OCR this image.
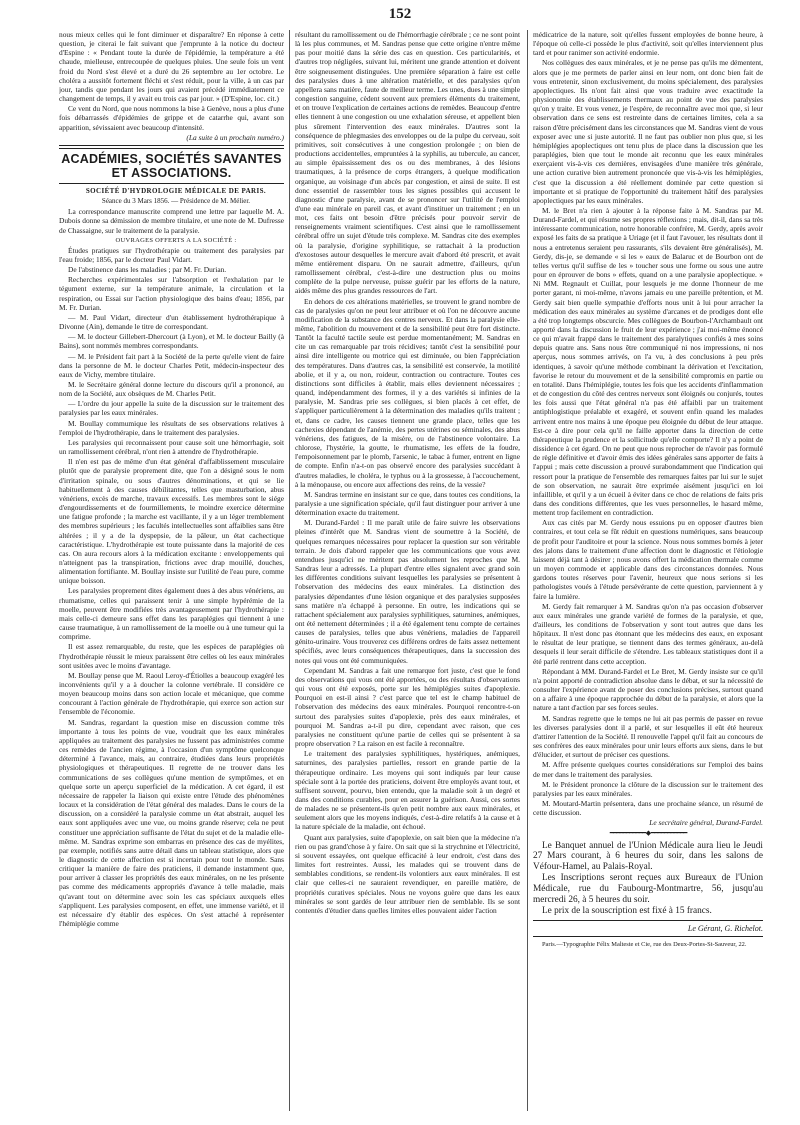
152

nous mieux celles qui le font diminuer et disparaître? En réponse à cette question, je citerai le fait suivant que j'emprunte à la notice du docteur d'Espine : « Pendant toute la durée de l'épidémie, la température a été chaude, mielleuse, entrecoupée de quelques pluies. Une seule fois un vent froid du Nord s'est élevé et a duré du 26 septembre au 1er octobre. Le choléra a aussitôt fortement fléchi et s'est réduit, pour la ville, à un cas par jour, tandis que pendant les jours qui avaient précédé immédiatement ce changement de temps, il y avait eu trois cas par jour. » (D'Espine, loc. cit.)

Ce vent du Nord, que nous nommons la bise à Genève, nous a plus d'une fois débarrassés d'épidémies de grippe et de catarrhe qui, avant son apparition, sévissaient avec beaucoup d'intensité.

(La suite à un prochain numéro.)

ACADÉMIES, SOCIÉTÉS SAVANTES ET ASSOCIATIONS.

SOCIÉTÉ D'HYDROLOGIE MÉDICALE DE PARIS.

Séance du 3 Mars 1856. — Présidence de M. Mélier.

La correspondance manuscrite comprend une lettre par laquelle M. A. Dubois donne sa démission de membre titulaire, et une note de M. Dufresse de Chassaigne, sur le traitement de la paralysie.

OUVRAGES OFFERTS A LA SOCIÉTÉ :

Études pratiques sur l'hydrothérapie ou traitement des paralysies par l'eau froide; 1856, par le docteur Paul Vidart.

De l'abstinence dans les maladies ; par M. Fr. Durian.

Recherches expérimentales sur l'absorption et l'exhalation par le tégument externe, sur la température animale, la circulation et la respiration, ou Essai sur l'action physiologique des bains d'eau; 1856, par M. Fr. Durian.

— M. Paul Vidart, directeur d'un établissement hydrothérapique à Divonne (Ain), demande le titre de correspondant.

— M. le docteur Gillebert-Dhercourt (à Lyon), et M. le docteur Bailly (à Bains), sont nommés membres correspondants.

— M. le Président fait part à la Société de la perte qu'elle vient de faire dans la personne de M. le docteur Charles Petit, médecin-inspecteur des eaux de Vichy, membre titulaire.

M. le Secrétaire général donne lecture du discours qu'il a prononcé, au nom de la Société, aux obsèques de M. Charles Petit.

— L'ordre du jour appelle la suite de la discussion sur le traitement des paralysies par les eaux minérales.

M. Boullay commumique les résultats de ses observations relatives à l'emploi de l'hydrothérapie, dans le traitement des paralysies.

Les paralysies qui reconnaissent pour cause soit une hémorrhagie, soit un ramollissement cérébral, n'ont rien à attendre de l'hydrothérapie.

Il n'en est pas de même d'un état général d'affaiblissement musculaire plutôt que de paralysie proprement dite, que l'on a désigné sous le nom d'irritation spinale, ou sous d'autres dénominations, et qui se lie habituellement à des causes débilitantes, telles que masturbation, abus vénériens, excès de marche, travaux excessifs. Les membres sont le siége d'engourdissements et de fourmillements, le moindre exercice détermine une fatigue profonde ; la marche est vacillante, il y a un léger tremblement des membres supérieurs ; les facultés intellectuelles sont affaiblies sans être altérées ; il y a de la dyspepsie, de la pâleur, un état cachectique caractéristique. L'hydrothérapie est toute puissante dans la majorité de ces cas. On aura recours alors à la médication excitante : enveloppements qui n'atteignent pas la transpiration, frictions avec drap mouillé, douches, alimentation fortifiante. M. Boullay insiste sur l'utilité de l'eau pure, comme unique boisson.

Les paralysies proprement dites également dues à des abus vénériens, au rhumatisme, celles qui paraissent tenir à une simple hypérémie de la moelle, peuvent être modifiées très avantageusement par l'hydrothérapie : mais celle-ci demeure sans effet dans les paraplégies qui tiennent à une cause traumatique, à un ramollissement de la moelle ou à une tumeur qui la comprime.

Il est assez remarquable, du reste, que les espèces de paraplégies où l'hydrothérapie réussit le mieux paraissent être celles où les eaux minérales sont usitées avec le moins d'avantage.

M. Boullay pense que M. Raoul Leroy-d'Étiolles a beaucoup exagéré les inconvénients qu'il y a à doucher la colonne vertébrale. Il considère ce moyen beaucoup moins dans son action locale et mécanique, que comme concourant à l'action générale de l'hydrothérapie, qui exerce son action sur l'ensemble de l'économie.

M. Sandras, regardant la question mise en discussion comme très importante à tous les points de vue, voudrait que les eaux minérales appliquées au traitement des paralysies ne fussent pas administrées comme ces remèdes de l'ancien régime, à l'occasion d'un symptôme quelconque déterminé à l'avance, mais, au contraire, étudiées dans leurs propriétés physiologiques et thérapeutiques. Il regrette de ne trouver dans les communications de ses collègues qu'une mention de symptômes, et en quelque sorte un aperçu superficiel de la médication. A cet égard, il est nécessaire de rappeler la liaison qui existe entre l'étude des phénomènes locaux et la considération de l'état général des malades. Dans le cours de la discussion, on a considéré la paralysie comme un état abstrait, auquel les eaux sont appliquées avec une vue, ou moins grande réserve; cela ne peut constituer une appréciation suffisante de l'état du sujet et de la maladie elle-même. M. Sandras exprime son embarras en présence des cas de myélites, par exemple, notifiés sans autre détail dans un tableau statistique, alors que le diagnostic de cette affection est si incertain pour tout le monde. Sans critiquer la manière de faire des praticiens, il demande instamment que, pour arriver à classer les propriétés des eaux minérales, on ne les présente pas comme des médicaments appropriés d'avance à telle maladie, mais qu'avant tout on détermine avec soin les cas spéciaux auxquels elles s'appliquent. Les paralysies composent, en effet, une immense variété, et il est nécessaire d'y établir des espèces. On s'est attaché à représenter l'hémiplégie comme

résultant du ramollissement ou de l'hémorrhagie cérébrale ; ce ne sont point là les plus communes, et M. Sandras pense que cette origine n'entre même pas pour moitié dans la série des cas en question. Ces particularités, et d'autres trop négligées, suivant lui, méritent une grande attention et doivent être soigneusement distinguées. Une première séparation à faire est celle des paralysies dues à une altération matérielle, et des paralysies qu'on appellera sans matière, faute de meilleur terme. Les unes, dues à une simple congestion sanguine, cèdent souvent aux premiers éléments du traitement, et on trouve l'explication de certaines actions de remèdes. Beaucoup d'entre elles tiennent à une congestion ou une exhalation séreuse, et appellent bien plus sûrement l'intervention des eaux minérales. D'autres sont la conséquence de phlegmasies des enveloppes ou de la pulpe du cerveau, soit primitives, soit consécutives à une congestion prolongée ; on bien de productions accidentelles, empruntées à la syphilis, au tubercule, au cancer, au simple épaississement des os ou des membranes, à des lésions traumatiques, à la présence de corps étrangers, à quelque modification organique, au voisinage d'un abcès par congestion, et ainsi de suite. Il est donc essentiel de rassembler tous les signes possibles qui accusent le diagnostic d'une paralysie, avant de se prononcer sur l'utilité de l'emploi d'une eau minérale en pareil cas, et avant d'instituer un traitement ; en un mot, ces faits ont besoin d'être précisés pour pouvoir servir de renseignements vraiment scientifiques. C'est ainsi que le ramollissement cérébral offre un sujet d'étude très complexe. M. Sandras cite des exemples où la paralysie, d'origine syphilitique, se rattachait à la production d'exostoses autour desquelles le mercure avait d'abord été prescrit, et avait même entièrement disparu. On ne saurait admettre, d'ailleurs, qu'un ramollissement cérébral, c'est-à-dire une destruction plus ou moins complète de la pulpe nerveuse, puisse guérir par les efforts de la nature, aidés même des plus grandes ressources de l'art.

En dehors de ces altérations matérielles, se trouvent le grand nombre de cas de paralysies qu'on ne peut leur attribuer et où l'on ne découvre aucune modification de la substance des centres nerveux. Et dans la paralysie elle-même, l'abolition du mouvement et de la sensibilité peut être fort distincte. Tantôt la faculté tactile seule est perdue momentanément; M. Sandras en cite un cas remarquable par trois récidives; tantôt c'est la sensibilité pour ainsi dire intelligente ou motrice qui est diminuée, ou bien l'appréciation des températures. Dans d'autres cas, la sensibilité est conservée, la motilité abolie, et il y a, ou non, roideur, contraction ou contracture. Toutes ces distinctions sont difficiles à établir, mais elles deviennent nécessaires ; quand, indépendamment des formes, il y a des variétés si infinies de la paralysie, M. Sandras prie ses collègues, si bien placés à cet effet, de s'appliquer particulièrement à la détermination des maladies qu'ils traitent ; et, dans ce cadre, les causes tiennent une grande place, telles que les cachexies dépendant de l'anémie, des pertes utérines ou séminales, des abus vénériens, des fatigues, de la misère, ou de l'abstinence volontaire. La chlorose, l'hystérie, la goutte, le rhumatisme, les effets de la foudre, l'empoisonnement par le plomb, l'arsenic, le tabac à fumer, entrent en ligne de compte. Enfin n'a-t-on pas observé encore des paralysies succédant à d'autres maladies, le choléra, le typhus ou à la grossesse, à l'accouchement, à la ménopause, ou encore aux affections des reins, de la vessie?

M. Sandras termine en insistant sur ce que, dans toutes ces conditions, la paralysie a une signification spéciale, qu'il faut distinguer pour arriver à une détermination exacte du traitement.

M. Durand-Fardel : Il me paraît utile de faire suivre les observations pleines d'intérêt que M. Sandras vient de soumettre à la Société, de quelques remarques nécessaires pour replacer la question sur son véritable terrain. Je dois d'abord rappeler que les communications que vous avez entendues jusqu'ici ne méritent pas absolument les reproches que M. Sandras leur a adressés. La plupart d'entre elles signalent avec grand soin les différentes conditions suivant lesquelles les paralysies se présentent à l'observation des médecins des eaux minérales. La distinction des paralysies dépendantes d'une lésion organique et des paralysies supposées sans matière n'a échappé à personne. En outre, les indications qui se rattachent spécialement aux paralysies syphilitiques, saturnines, anémiques, ont été nettement déterminées ; il a été également tenu compte de certaines causes de paralysies, telles que abus vénériens, maladies de l'appareil génito-urinaire. Vous trouverez ces différens ordres de faits assez nettement spécifiés, avec leurs conséquences thérapeutiques, dans la succession des notes qui vous ont été communiquées.

Cependant M. Sandras a fait une remarque fort juste, c'est que le fond des observations qui vous ont été apportées, ou des résultats d'observations qui vous ont été exposés, porte sur les hémiplégies suites d'apoplexie. Pourquoi en est-il ainsi ? c'est parce que tel est le champ habituel de l'observation des médecins des eaux minérales. Pourquoi rencontre-t-on surtout des paralysies suites d'apoplexie, près des eaux minérales, et pourquoi M. Sandras a-t-il pu dire, cependant avec raison, que ces paralysies ne constituent qu'une partie de celles qui se présentent à sa propre observation ? La raison en est facile à reconnaître.

Le traitement des paralysies syphilitiques, hystériques, anémiques, saturnines, des paralysies partielles, ressort en grande partie de la thérapeutique ordinaire. Les moyens qui sont indiqués par leur cause spéciale sont à la portée des praticiens, doivent être employés avant tout, et suffisent souvent, pourvu, bien entendu, que la maladie soit à un degré et dans des conditions curables, pour en assurer la guérison. Aussi, ces sortes de malades ne se présentent-ils qu'en petit nombre aux eaux minérales, et seulement alors que les moyens indiqués, c'est-à-dire relatifs à la cause et à la nature spéciale de la maladie, ont échoué.

Quant aux paralysies, suite d'apoplexie, on sait bien que la médecine n'a rien ou pas grand'chose à y faire. On sait que si la strychnine et l'électricité, si souvent essayées, ont quelque efficacité à leur endroit, c'est dans des limites fort restreintes. Aussi, les malades qui se trouvent dans de semblables conditions, se rendent-ils volontiers aux eaux minérales. Il est clair que celles-ci ne sauraient revendiquer, en pareille matière, de propriétés curatives spéciales. Nous ne voyons guère que dans les eaux minérales se sont gardés de leur attribuer rien de semblable. Ils se sont contentés d'étudier dans quelles limites elles pouvaient aider l'action

médicatrice de la nature, soit qu'elles fussent employées de bonne heure, à l'époque où celle-ci possède le plus d'activité, soit qu'elles interviennent plus tard et pour ranimer son activité endormie.

Nos collègues des eaux minérales, et je ne pense pas qu'ils me démentent, alors que je me permets de parler ainsi en leur nom, ont donc bien fait de vous entretenir, sinon exclusivement, du moins spécialement, des paralysies apoplectiques. Ils n'ont fait ainsi que vous traduire avec exactitude la physionomie des établissements thermaux au point de vue des paralysies qu'on y traite. Et vous venez, je l'espère, de reconnaître avec moi que, si leur observation dans ce sens est restreinte dans de certaines limites, cela a sa raison d'être précisément dans les circonstances que M. Sandras vient de vous exposer avec une si juste autorité. Il ne faut pas oublier non plus que, si les hémiplégies apoplectiques ont tenu plus de place dans la discussion que les paraplégies, bien que tout le monde ait reconnu que les eaux minérales exerçaient vis-à-vis ces dernières, envisagées d'une manière très générale, une action curative bien autrement prononcée que vis-à-vis les hémiplégies, c'est que la discussion a été réellement dominée par cette question si importante et si pratique de l'opportunité du traitement hâtif des paralysies apoplectiques par les eaux minérales.

M. le Bret n'a rien à ajouter à la réponse faite à M. Sandras par M. Durand-Fardel, et qui résume ses propres réflexions ; mais, dit-il, dans sa très intéressante communication, notre honorable confrère, M. Gerdy, après avoir exposé les faits de sa pratique à Uriage (et il faut l'avouer, les résultats dont il nous a entretenus seraient peu rassurants, s'ils devaient être généralisés), M. Gerdy, dis-je, se demande « si les » eaux de Balaruc et de Bourbon ont de telles vertus qu'il suffise de les » toucher sous une forme ou sous une autre pour en éprouver de bons » effets, quand on a une paralysie apoplectique. » Ni MM. Regnault et Cuillat, pour lesquels je me donne l'honneur de me porter garant, ni moi-même, n'avons jamais eu une pareille prétention, et M. Gerdy sait bien quelle sympathie d'efforts nous unit à lui pour arracher la médication des eaux minérales au système d'arcanes et de prodiges dont elle a été trop longtemps obscurcie. Mes collègues de Bourbon-l'Archambault ont apporté dans la discussion le fruit de leur expérience ; j'ai moi-même énoncé ce qui m'avait frappé dans le traitement des paralytiques confiés à mes soins depuis quatre ans. Sans nous être communiqué ni nos impressions, ni nos aperçus, nous sommes arrivés, on l'a vu, à des conclusions à peu près identiques, à savoir qu'une méthode combinant la dérivation et l'excitation, favorise le retour du mouvement et de la sensibilité compromis en partie ou en totalité. Dans l'hémiplégie, toutes les fois que les accidents d'inflammation et de congestion du côté des centres nerveux sont éloignés ou conjurés, toutes les fois aussi que l'état général n'a pas été affaibli par un traitement antiphlogistique préalable et exagéré, et souvent enfin quand les malades arrivent entre nos mains à une époque peu éloignée du début de leur attaque. Est-ce à dire pour cela qu'il ne faille apporter dans la direction de cette thérapeutique la prudence et la sollicitude qu'elle comporte? Il n'y a point de dissidence à cet égard. On ne peut que nous reprocher de n'avoir pas formulé de règle définitive et d'avoir émis des idées générales sans apporter de faits à l'appui ; mais cette discussion a prouvé surabondamment que l'indication qui ressort pour la pratique de l'ensemble des remarques faites par lui sur le sujet de son observation, ne saurait être exprimée aisément jusqu'ici en loi infaillible, et qu'il y a un écueil à éviter dans ce choc de relations de faits pris dans des conditions différentes, que les vues personnelles, le hasard même, mettent trop facilement en contradiction.

Aux cas cités par M. Gerdy nous essuions pu en opposer d'autres bien contraires, et tout cela se fût réduit en questions numériques, sans beaucoup de profit pour l'auditoire et pour la science. Nous nous sommes bornés à jeter des jalons dans le traitement d'une affection dont le diagnostic et l'étiologie laissent déjà tant à désirer ; nous avons offert la médication thermale comme un moyen commode et applicable dans des circonstances données. Nous gardons toutes réserves pour l'avenir, heureux que nous serions si les pathologistes voués à l'étude persévérante de cette question, parviennent à y faire la lumière.

M. Gerdy fait remarquer à M. Sandras qu'on n'a pas occasion d'observer aux eaux minérales une grande variété de formes de la paralysie, et que, d'ailleurs, les conditions de l'observation y sont tout autres que dans les hôpitaux. Il n'est donc pas étonnant que les médecins des eaux, en exposant le résultat de leur pratique, se tiennent dans des termes généraux, au-delà desquels il leur serait difficile de s'étendre. Les tableaux statistiques dont il a été parlé rentrent dans cette acception.

Répondant à MM. Durand-Fardel et Le Bret, M. Gerdy insiste sur ce qu'il n'a point apporté de contradiction absolue dans le débat, et sur la nécessité de consulter l'expérience avant de poser des conclusions précises, surtout quand on a affaire à une époque rapprochée du début de la paralysie, et alors que la nature a tant d'action par ses forces seules.

M. Sandras regrette que le temps ne lui ait pas permis de passer en revue les diverses paralysies dont il a parlé, et sur lesquelles il eût été heureux d'attirer l'attention de la Société. Il renouvelle l'appel qu'il fait au concours de ses confrères des eaux minérales pour unir leurs efforts aux siens, dans le but d'élucider, et surtout de préciser ces questions.

M. Affre présente quelques courtes considérations sur l'emploi des bains de mer dans le traitement des paralysies.

M. le Président prononce la clôture de la discussion sur le traitement des paralysies par les eaux minérales.

M. Moutard-Martin présentera, dans une prochaine séance, un résumé de cette discussion.

Le secrétaire général, Durand-Fardel.

━━━━━━━━━━━ ◆ ━━━━━━━━━━━

Le Banquet annuel de l'Union Médicale aura lieu le Jeudi 27 Mars courant, à 6 heures du soir, dans les salons de Véfour-Hamel, au Palais-Royal.

Les Inscriptions seront reçues aux Bureaux de l'Union Médicale, rue du Faubourg-Montmartre, 56, jusqu'au mercredi 26, à 5 heures du soir.

Le prix de la souscription est fixé à 15 francs.

Le Gérant, G. Richelot.

Paris.—Typographie Félix Malteste et Cie, rue des Deux-Portes-St-Sauveur, 22.
